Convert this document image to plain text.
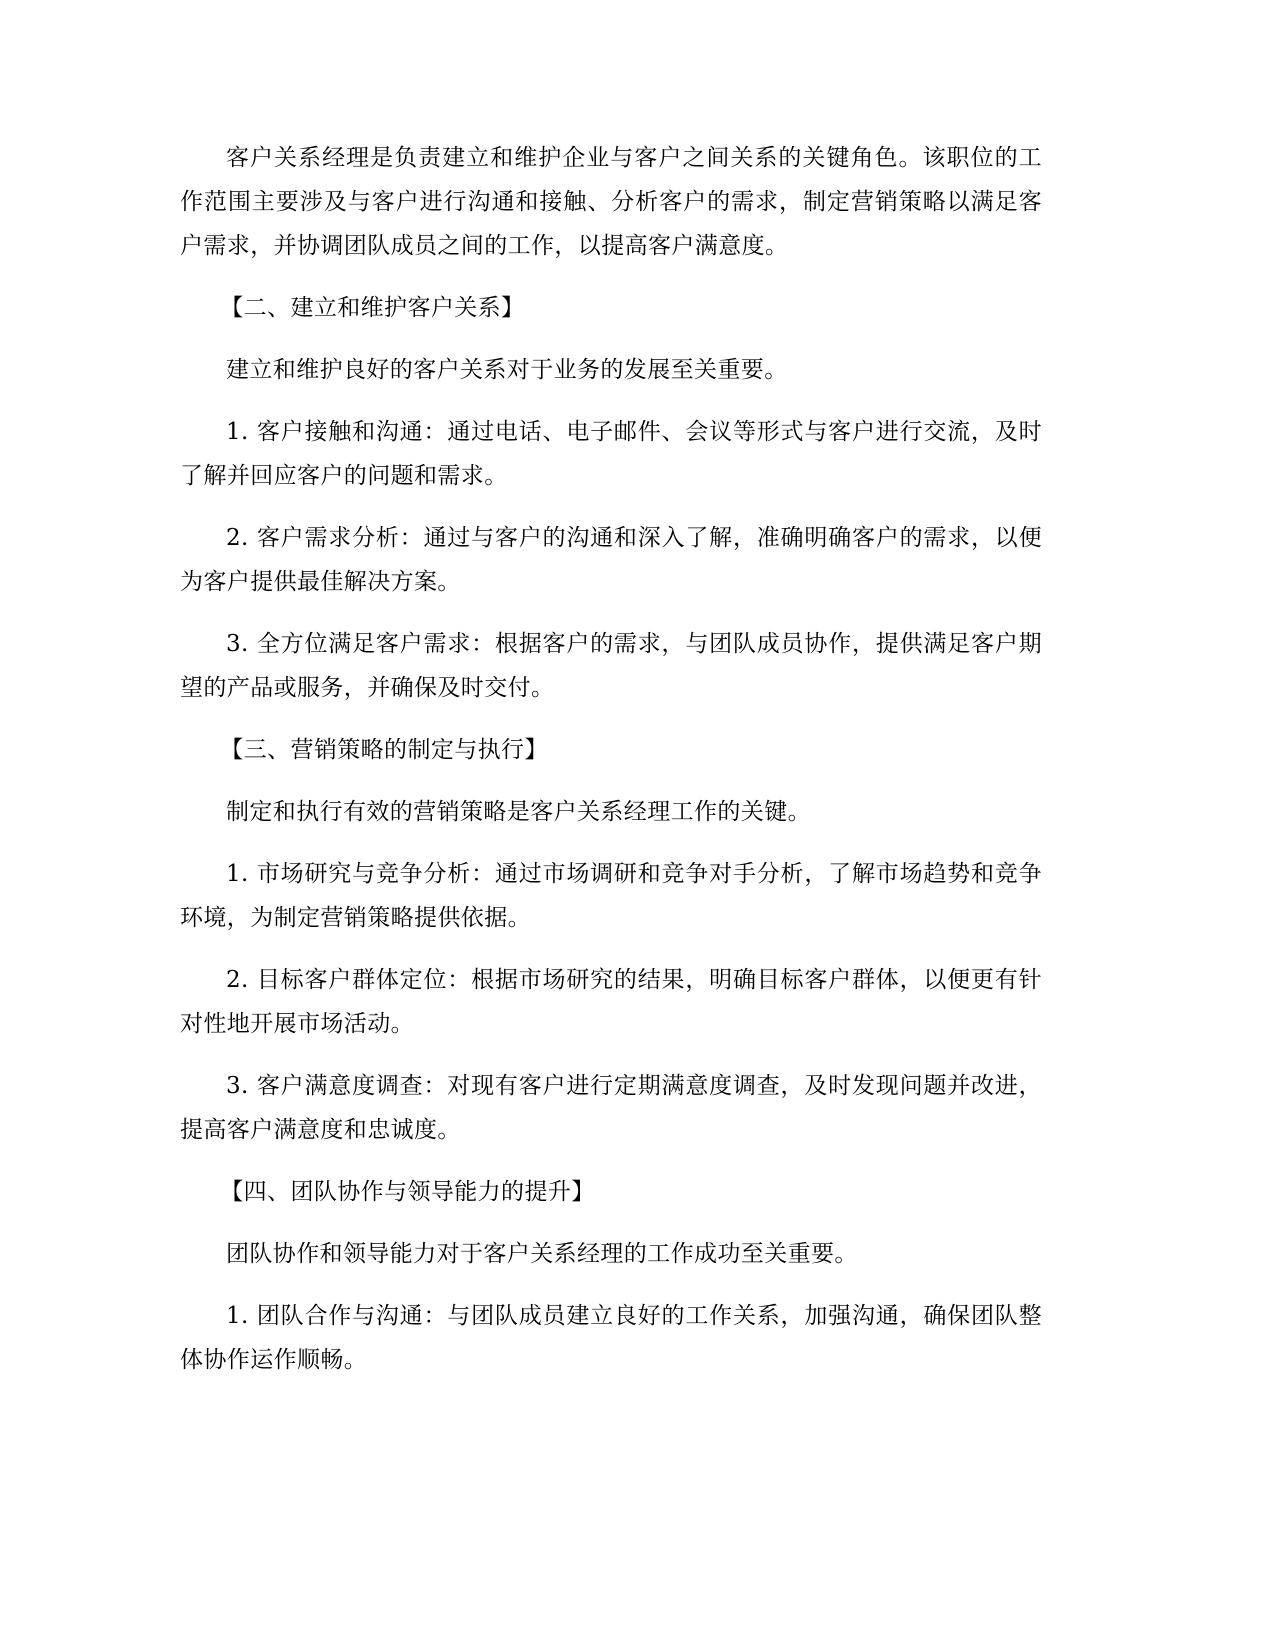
客户关系经理是负责建立和维护企业与客户之间关系的关键角色。该职位的工作范围主要涉及与客户进行沟通和接触、分析客户的需求，制定营销策略以满足客户需求，并协调团队成员之间的工作，以提高客户满意度。

【二、建立和维护客户关系】

建立和维护良好的客户关系对于业务的发展至关重要。

1. 客户接触和沟通：通过电话、电子邮件、会议等形式与客户进行交流，及时了解并回应客户的问题和需求。

2. 客户需求分析：通过与客户的沟通和深入了解，准确明确客户的需求，以便为客户提供最佳解决方案。

3. 全方位满足客户需求：根据客户的需求，与团队成员协作，提供满足客户期望的产品或服务，并确保及时交付。

【三、营销策略的制定与执行】

制定和执行有效的营销策略是客户关系经理工作的关键。

1. 市场研究与竞争分析：通过市场调研和竞争对手分析，了解市场趋势和竞争环境，为制定营销策略提供依据。

2. 目标客户群体定位：根据市场研究的结果，明确目标客户群体，以便更有针对性地开展市场活动。

3. 客户满意度调查：对现有客户进行定期满意度调查，及时发现问题并改进，提高客户满意度和忠诚度。

【四、团队协作与领导能力的提升】

团队协作和领导能力对于客户关系经理的工作成功至关重要。

1. 团队合作与沟通：与团队成员建立良好的工作关系，加强沟通，确保团队整体协作运作顺畅。
